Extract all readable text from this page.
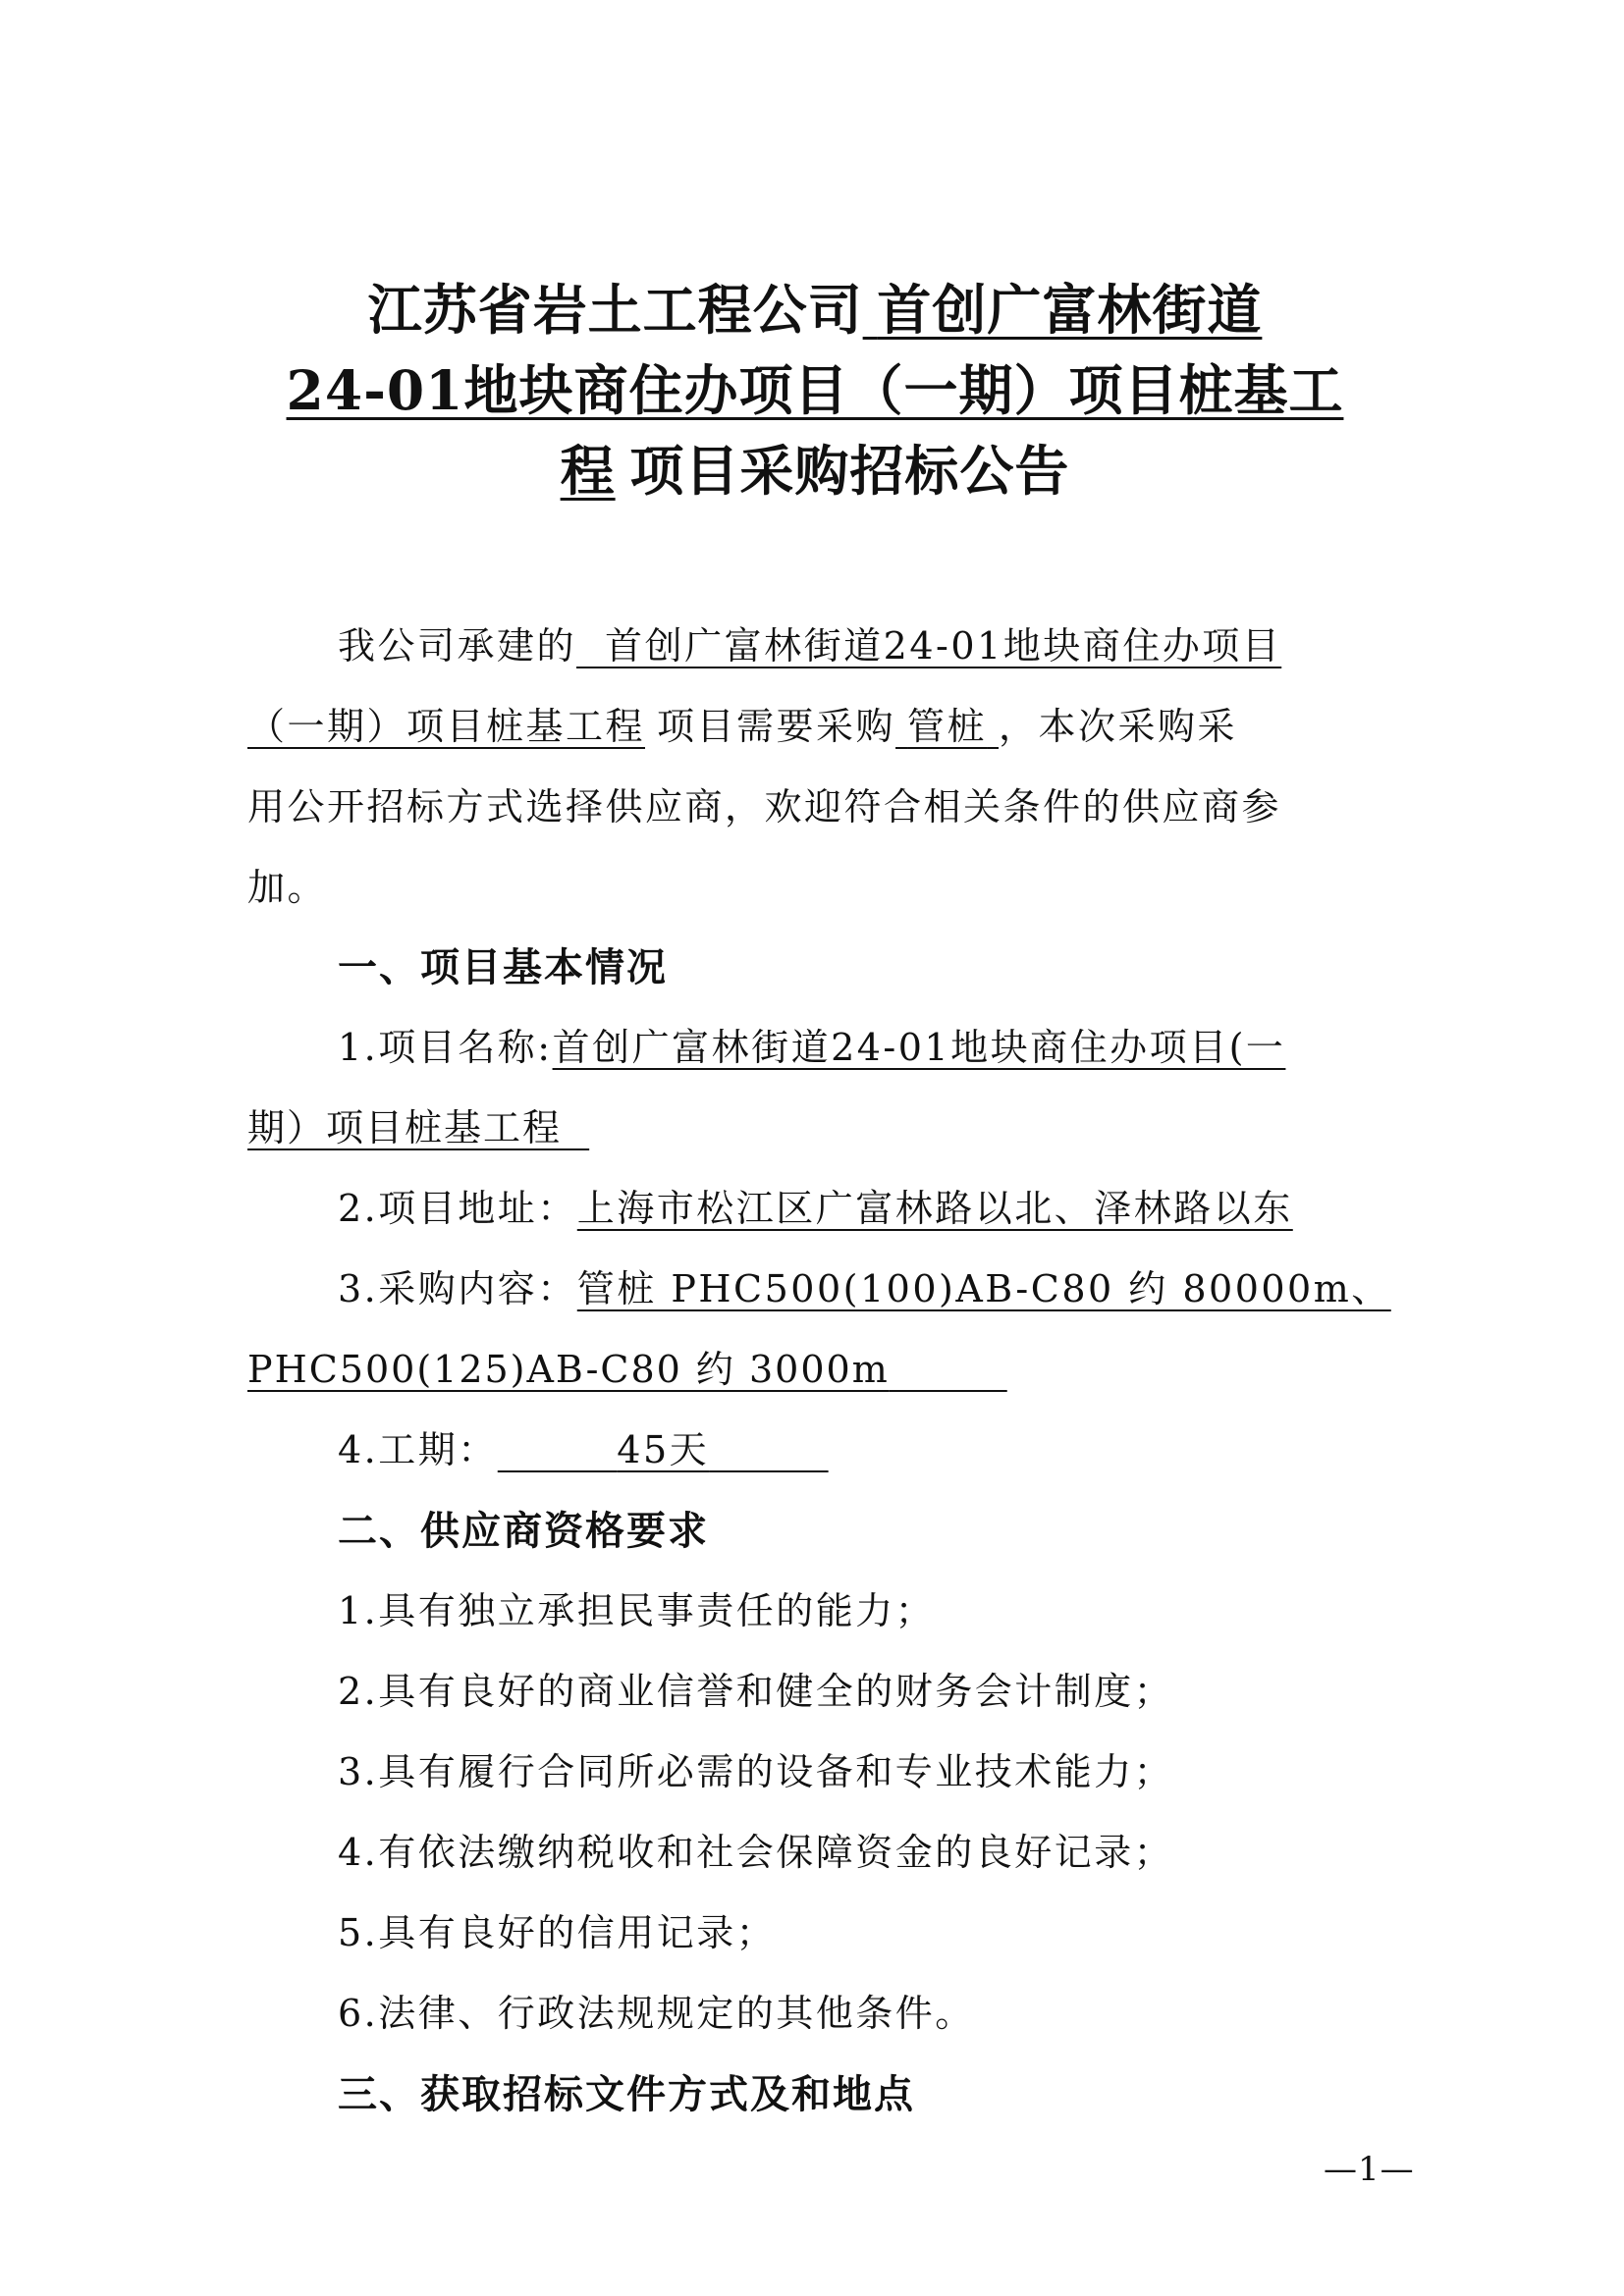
江苏省岩土工程公司  首创广富林街道
24-01地块商住办项目（一期）项目桩基工
程  项目采购招标公告
我公司承建的  首创广富林街道24-01地块商住办项目
（一期）项目桩基工程  项目需要采购  管桩  ，本次采购采
用公开招标方式选择供应商，欢迎符合相关条件的供应商参
加。
一、项目基本情况
1.项目名称:首创广富林街道24-01地块商住办项目(一
期）项目桩基工程
2.项目地址：上海市松江区广富林路以北、泽林路以东
3.采购内容：管桩 PHC500(100)AB-C80 约 80000m、
PHC500(125)AB-C80 约 3000m   
4.工期：   	45天   
二、供应商资格要求
1.具有独立承担民事责任的能力；
2.具有良好的商业信誉和健全的财务会计制度；
3.具有履行合同所必需的设备和专业技术能力；
4.有依法缴纳税收和社会保障资金的良好记录；
5.具有良好的信用记录；
6.法律、行政法规规定的其他条件。
三、获取招标文件方式及和地点
—1—
